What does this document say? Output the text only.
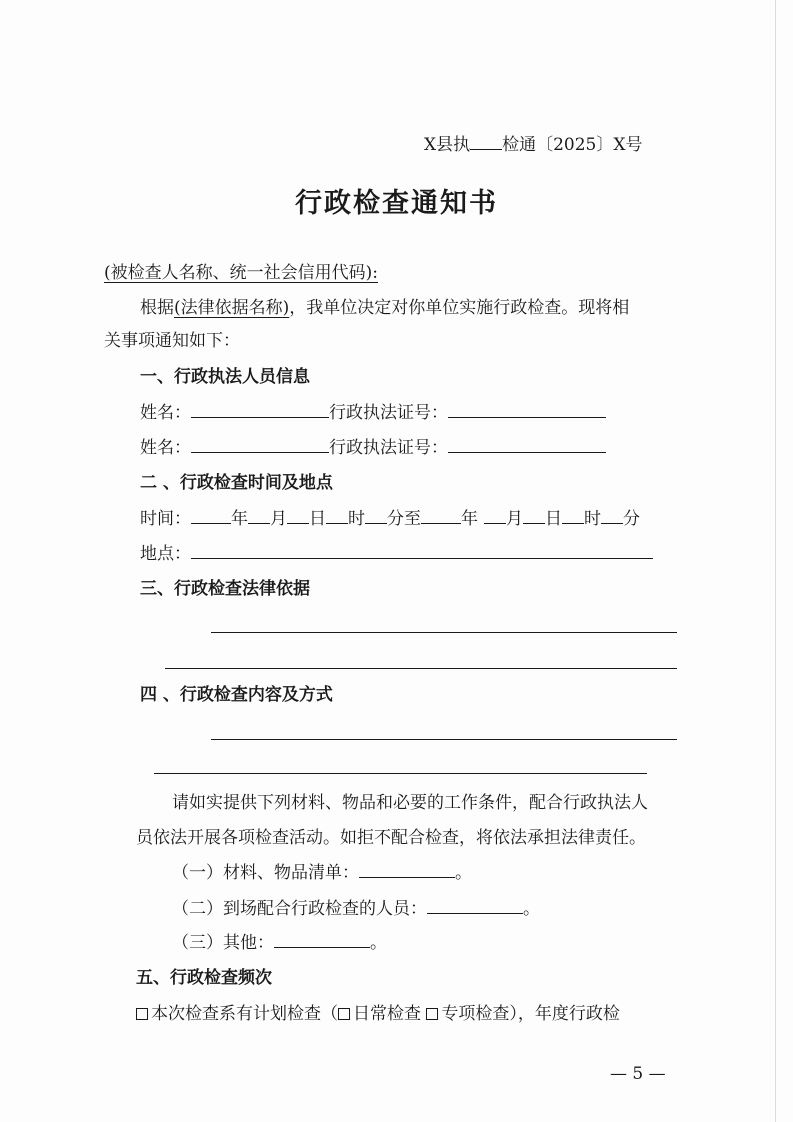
X县执 检通〔2025〕X号
行政检查通知书
(被检查人名称、统一社会信用代码):
根据(法律依据名称)，我单位决定对你单位实施行政检查。现将相
关事项通知如下：
一、行政执法人员信息
姓名：	行政执法证号：
姓名：	行政执法证号：
二 、行政检查时间及地点
时间： 年 月 日 时 分至 年 月 日 时 分
地点：
三、行政检查法律依据
四 、行政检查内容及方式
请如实提供下列材料、物品和必要的工作条件，配合行政执法人
员依法开展各项检查活动。如拒不配合检查，将依法承担法律责任。
（一）材料、物品清单：	。
（二）到场配合行政检查的人员：	。
（三）其他：	。
五、行政检查频次
本次检查系有计划检查（ 日常检查 专项检查），年度行政检
— 5 —
